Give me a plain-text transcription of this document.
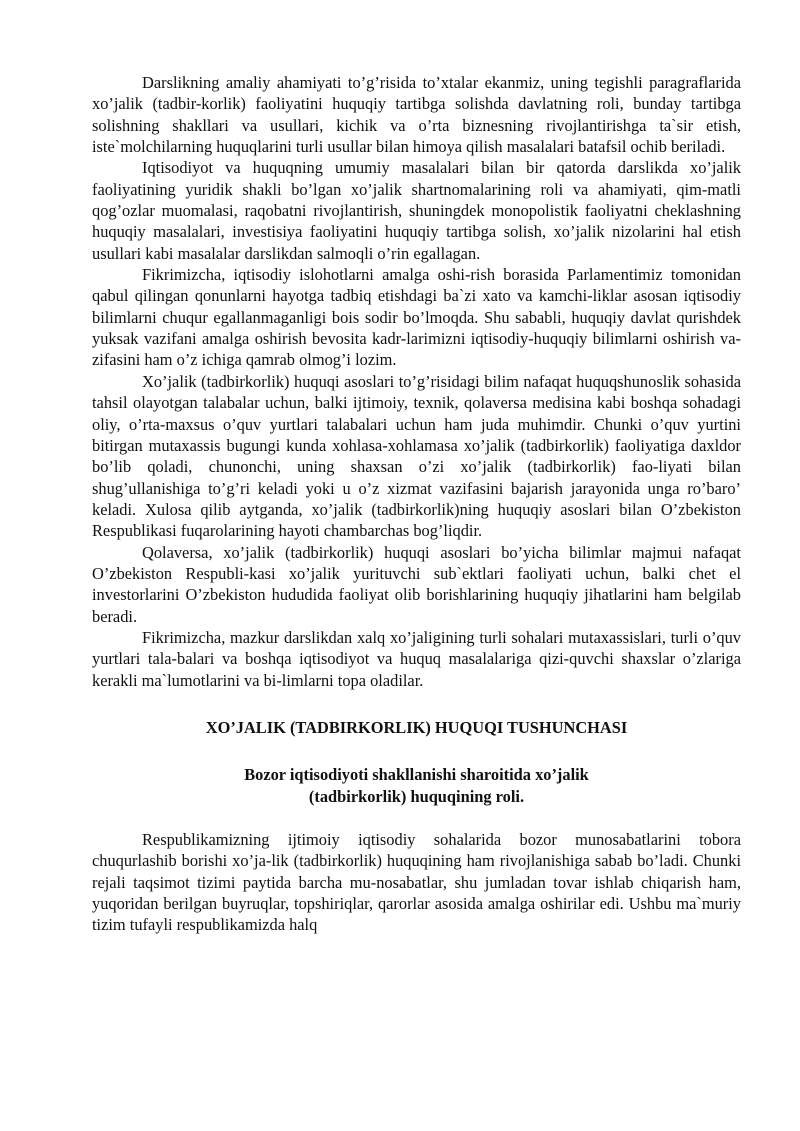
Darslikning amaliy ahamiyati to’g’risida to’xtalar ekanmiz, uning tegishli paragraflarida xo’jalik (tadbir-korlik) faoliyatini huquqiy tartibga solishda davlatning roli, bunday tartibga solishning shakllari va usullari, kichik va o’rta biznesning rivojlantirishga ta`sir etish, iste`molchilarning huquqlarini turli usullar bilan himoya qilish masalalari batafsil ochib beriladi.

Iqtisodiyot va huquqning umumiy masalalari bilan bir qatorda darslikda xo’jalik faoliyatining yuridik shakli bo’lgan xo’jalik shartnomalarining roli va ahamiyati, qim-matli qog’ozlar muomalasi, raqobatni rivojlantirish, shuningdek monopolistik faoliyatni cheklashning huquqiy masalalari, investisiya faoliyatini huquqiy tartibga solish, xo’jalik nizolarini hal etish usullari kabi masalalar darslikdan salmoqli o’rin egallagan.

Fikrimizcha, iqtisodiy islohotlarni amalga oshi-rish borasida Parlamentimiz tomonidan qabul qilingan qonunlarni hayotga tadbiq etishdagi ba`zi xato va kamchi-liklar asosan iqtisodiy bilimlarni chuqur egallanmaganligi bois sodir bo’lmoqda. Shu sababli, huquqiy davlat qurishdek yuksak vazifani amalga oshirish bevosita kadr-larimizni iqtisodiy-huquqiy bilimlarni oshirish va-zifasini ham o’z ichiga qamrab olmog’i lozim.

Xo’jalik (tadbirkorlik) huquqi asoslari to’g’risidagi bilim nafaqat huquqshunoslik sohasida tahsil olayotgan talabalar uchun, balki ijtimoiy, texnik, qolaversa medisina kabi boshqa sohadagi oliy, o’rta-maxsus o’quv yurtlari talabalari uchun ham juda muhimdir. Chunki o’quv yurtini bitirgan mutaxassis bugungi kunda xohlasa-xohlamasa xo’jalik (tadbirkorlik) faoliyatiga daxldor bo’lib qoladi, chunonchi, uning shaxsan o’zi xo’jalik (tadbirkorlik) fao-liyati bilan shug’ullanishiga to’g’ri keladi yoki u o’z xizmat vazifasini bajarish jarayonida unga ro’baro’ keladi. Xulosa qilib aytganda, xo’jalik (tadbirkorlik)ning huquqiy asoslari bilan O’zbekiston Respublikasi fuqarolarining hayoti chambarchas bog’liqdir.

Qolaversa, xo’jalik (tadbirkorlik) huquqi asoslari bo’yicha bilimlar majmui nafaqat O’zbekiston Respubli-kasi xo’jalik yurituvchi sub`ektlari faoliyati uchun, balki chet el investorlarini O’zbekiston hududida faoliyat olib borishlarining huquqiy jihatlarini ham belgilab beradi.

Fikrimizcha, mazkur darslikdan xalq xo’jaligining turli sohalari mutaxassislari, turli o’quv yurtlari tala-balari va boshqa iqtisodiyot va huquq masalalariga qizi-quvchi shaxslar o’zlariga kerakli ma`lumotlarini va bi-limlarni topa oladilar.

XO’JALIK (TADBIRKORLIK) HUQUQI TUSHUNCHASI
Bozor iqtisodiyoti shakllanishi sharoitida xo’jalik
(tadbirkorlik) huquqining roli.

Respublikamizning ijtimoiy iqtisodiy sohalarida bozor munosabatlarini tobora chuqurlashib borishi xo’ja-lik (tadbirkorlik) huquqining ham rivojlanishiga sabab bo’ladi. Chunki rejali taqsimot tizimi paytida barcha mu-nosabatlar, shu jumladan tovar ishlab chiqarish ham, yuqoridan berilgan buyruqlar, topshiriqlar, qarorlar asosida amalga oshirilar edi. Ushbu ma`muriy tizim tufayli respublikamizda halq
